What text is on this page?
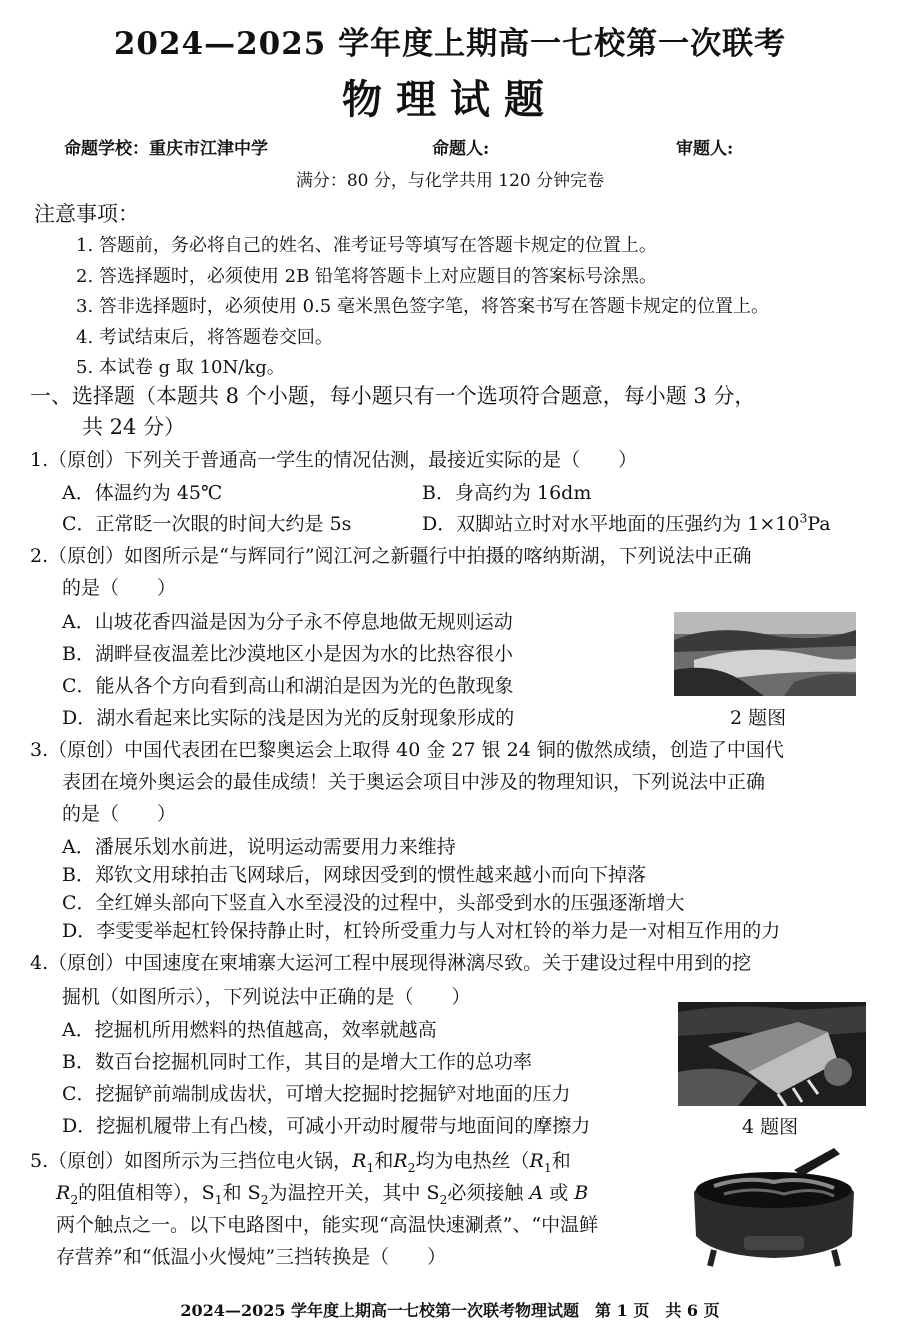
2024—2025 学年度上期高一七校第一次联考
物理试题
命题学校：重庆市江津中学	命题人:	审题人:
满分：80 分，与化学共用 120 分钟完卷
注意事项：
1. 答题前，务必将自己的姓名、准考证号等填写在答题卡规定的位置上。
2. 答选择题时，必须使用 2B 铅笔将答题卡上对应题目的答案标号涂黑。
3. 答非选择题时，必须使用 0.5 毫米黑色签字笔，将答案书写在答题卡规定的位置上。
4. 考试结束后，将答题卷交回。
5. 本试卷 g 取 10N/kg。
一、选择题（本题共 8 个小题，每小题只有一个选项符合题意，每小题 3 分，
共 24 分）
1.（原创）下列关于普通高一学生的情况估测，最接近实际的是（　　）
A．体温约为 45℃	B．身高约为 16dm
C．正常眨一次眼的时间大约是 5s	D．双脚站立时对水平地面的压强约为 $1\times 10^3Pa$
2.（原创）如图所示是“与辉同行”阅江河之新疆行中拍摄的喀纳斯湖，下列说法中正确
的是（　　）
A．山坡花香四溢是因为分子永不停息地做无规则运动
B．湖畔昼夜温差比沙漠地区小是因为水的比热容很小
C．能从各个方向看到高山和湖泊是因为光的色散现象
D．湖水看起来比实际的浅是因为光的反射现象形成的	2 题图
3.（原创）中国代表团在巴黎奥运会上取得 40 金 27 银 24 铜的傲然成绩，创造了中国代
表团在境外奥运会的最佳成绩！关于奥运会项目中涉及的物理知识，下列说法中正确
的是（　　）
A．潘展乐划水前进，说明运动需要用力来维持
B．郑钦文用球拍击飞网球后，网球因受到的惯性越来越小而向下掉落
C．全红婵头部向下竖直入水至浸没的过程中，头部受到水的压强逐渐增大
D．李雯雯举起杠铃保持静止时，杠铃所受重力与人对杠铃的举力是一对相互作用的力
4.（原创）中国速度在柬埔寨大运河工程中展现得淋漓尽致。关于建设过程中用到的挖
掘机（如图所示），下列说法中正确的是（　　）
A．挖掘机所用燃料的热值越高，效率就越高
B．数百台挖掘机同时工作，其目的是增大工作的总功率
C．挖掘铲前端制成齿状，可增大挖掘时挖掘铲对地面的压力
D．挖掘机履带上有凸棱，可减小开动时履带与地面间的摩擦力	4 题图
5.（原创）如图所示为三挡位电火锅，$R_1$和$R_2$均为电热丝（$R_1$和
$R_2$的阻值相等），$S_1$和 $S_2$为温控开关，其中 $S_2$必须接触 A 或 B
两个触点之一。以下电路图中，能实现“高温快速涮煮”、“中温鲜
存营养”和“低温小火慢炖”三挡转换是（　　）
2024—2025 学年度上期高一七校第一次联考物理试题　第 1 页　共 6 页
